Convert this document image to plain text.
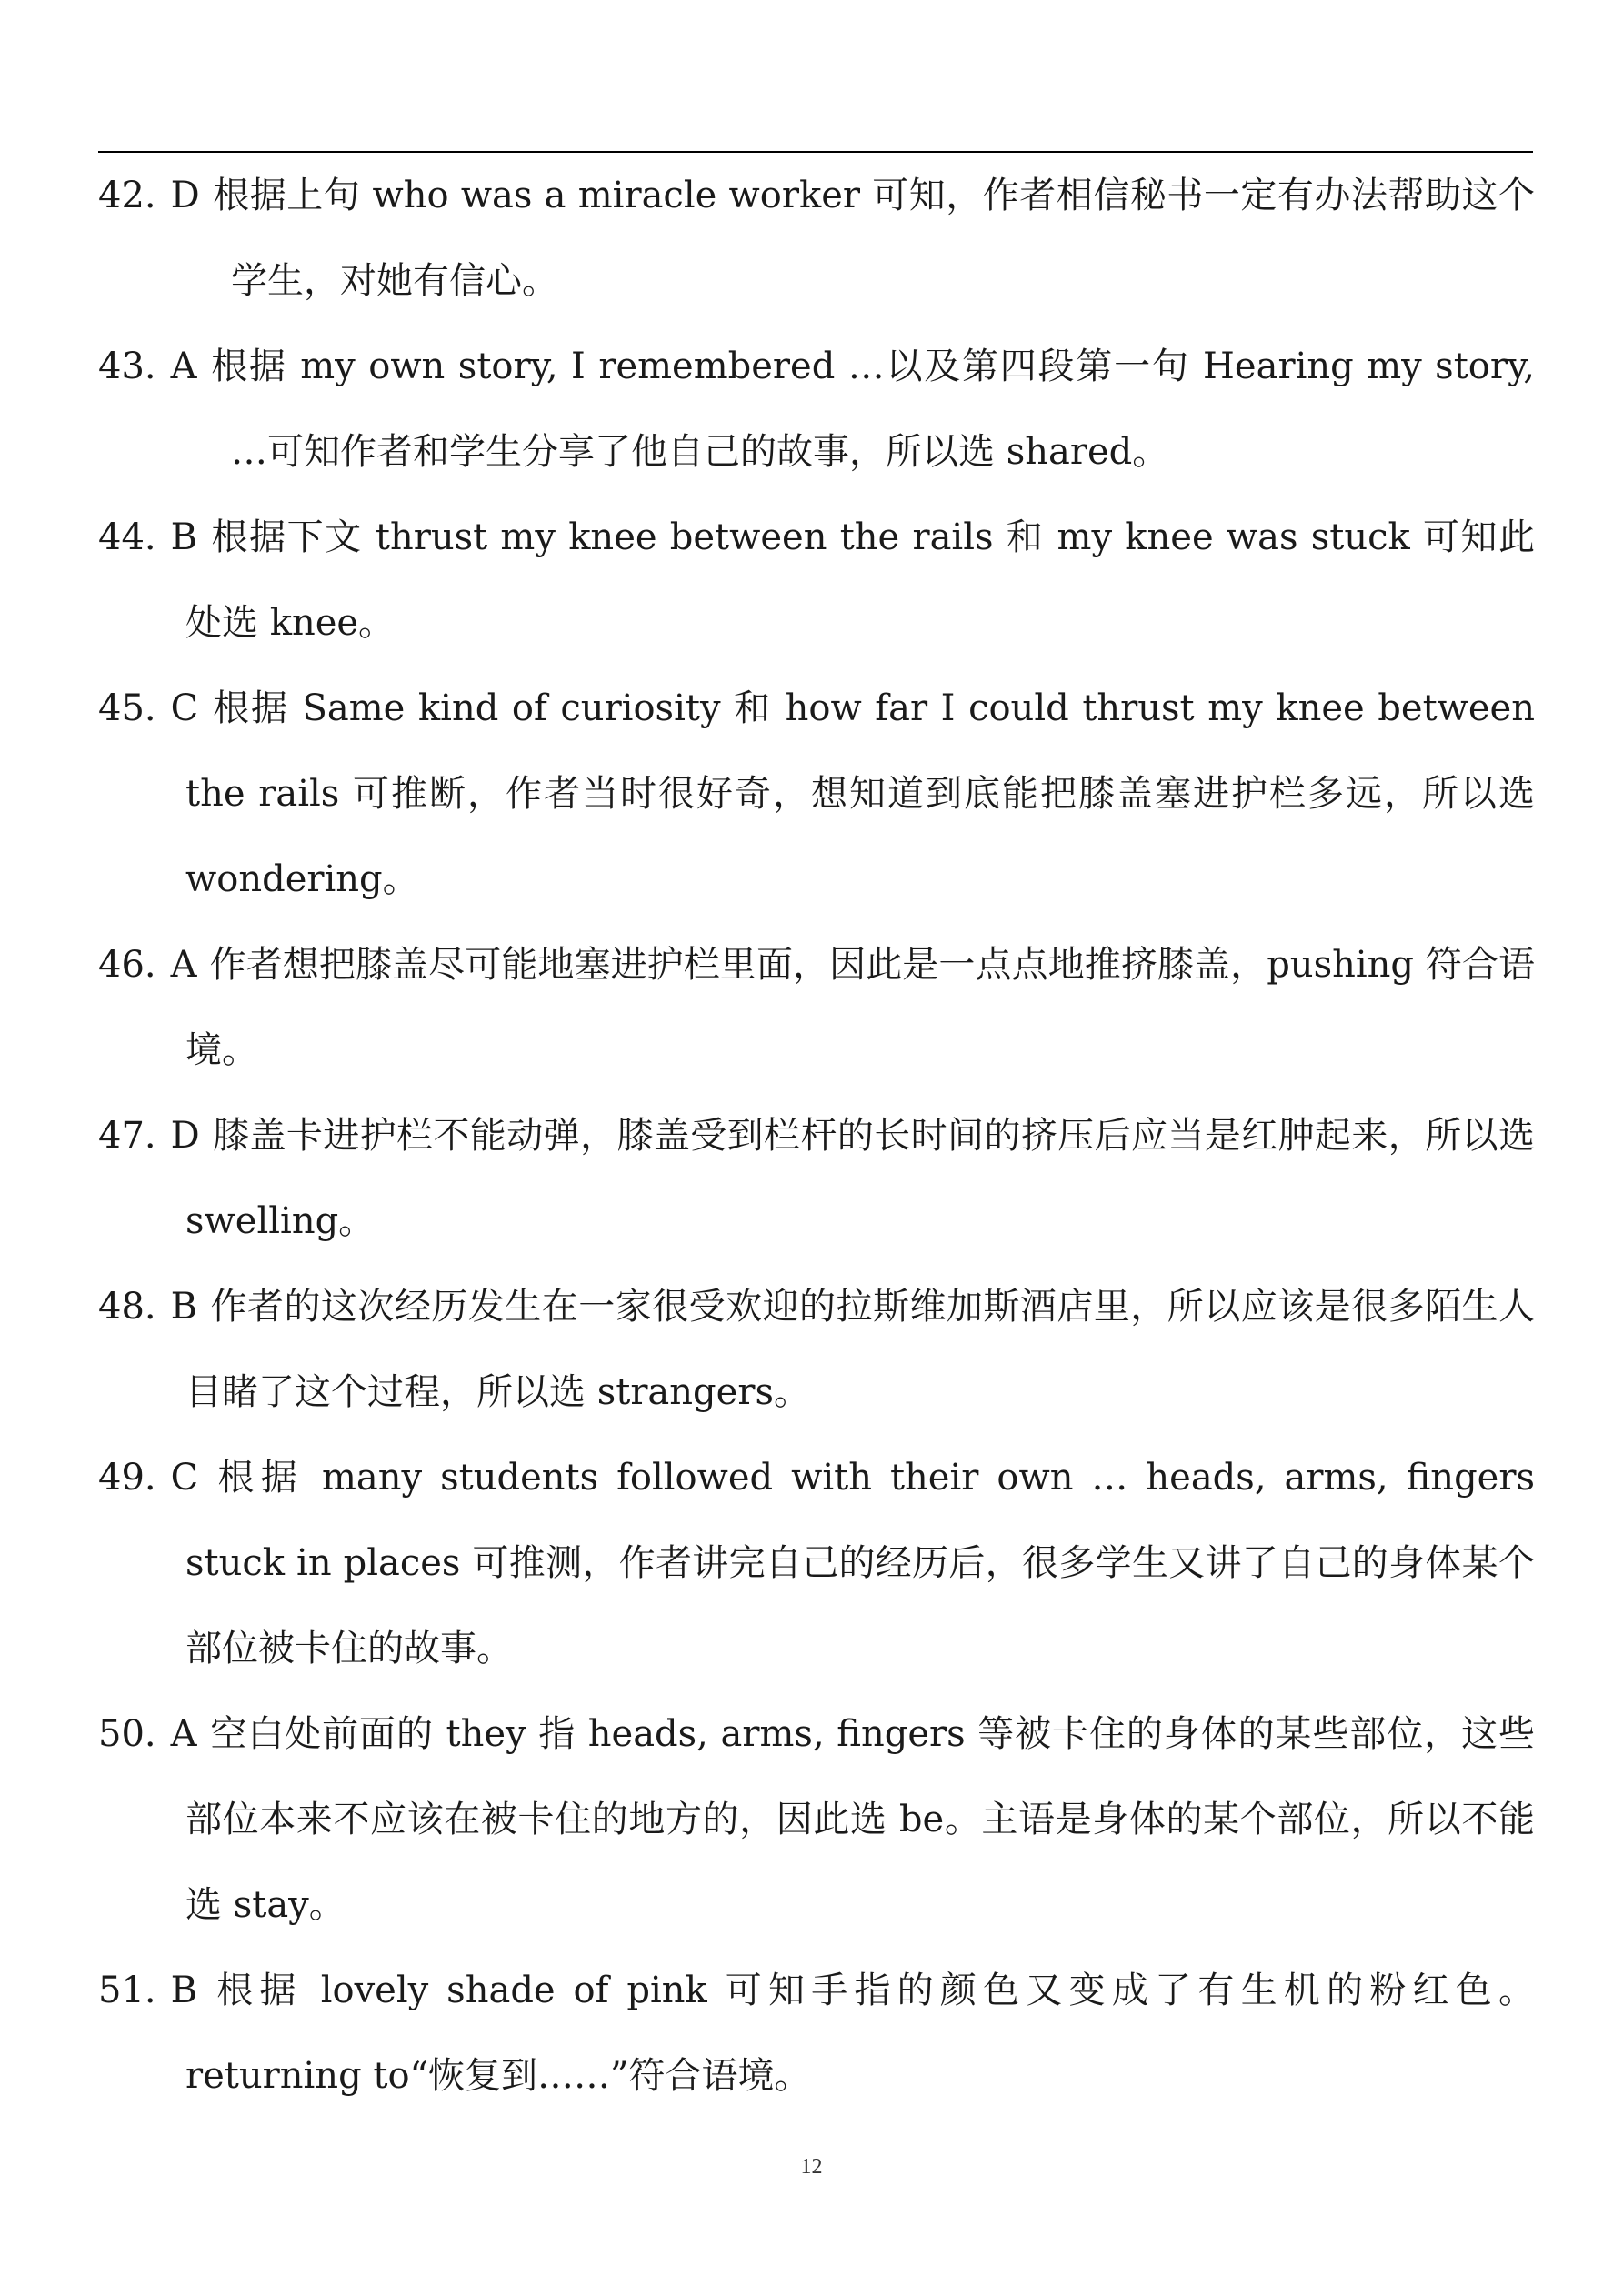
42. D 根据上句 who was a miracle worker 可知，作者相信秘书一定有办法帮助这个学生，对她有信心。
43. A 根据 my own story, I remembered …以及第四段第一句 Hearing my story, …可知作者和学生分享了他自己的故事，所以选 shared。
44. B 根据下文 thrust my knee between the rails 和 my knee was stuck 可知此处选 knee。
45. C 根据 Same kind of curiosity 和 how far I could thrust my knee between the rails 可推断，作者当时很好奇，想知道到底能把膝盖塞进护栏多远，所以选 wondering。
46. A 作者想把膝盖尽可能地塞进护栏里面，因此是一点点地推挤膝盖，pushing 符合语境。
47. D 膝盖卡进护栏不能动弹，膝盖受到栏杆的长时间的挤压后应当是红肿起来，所以选 swelling。
48. B 作者的这次经历发生在一家很受欢迎的拉斯维加斯酒店里，所以应该是很多陌生人目睹了这个过程，所以选 strangers。
49. C 根据 many students followed with their own … heads, arms, fingers stuck in places 可推测，作者讲完自己的经历后，很多学生又讲了自己的身体某个部位被卡住的故事。
50. A 空白处前面的 they 指 heads, arms, fingers 等被卡住的身体的某些部位，这些部位本来不应该在被卡住的地方的，因此选 be。主语是身体的某个部位，所以不能选 stay。
51. B 根据 lovely shade of pink 可知手指的颜色又变成了有生机的粉红色。returning to“恢复到……”符合语境。
12
